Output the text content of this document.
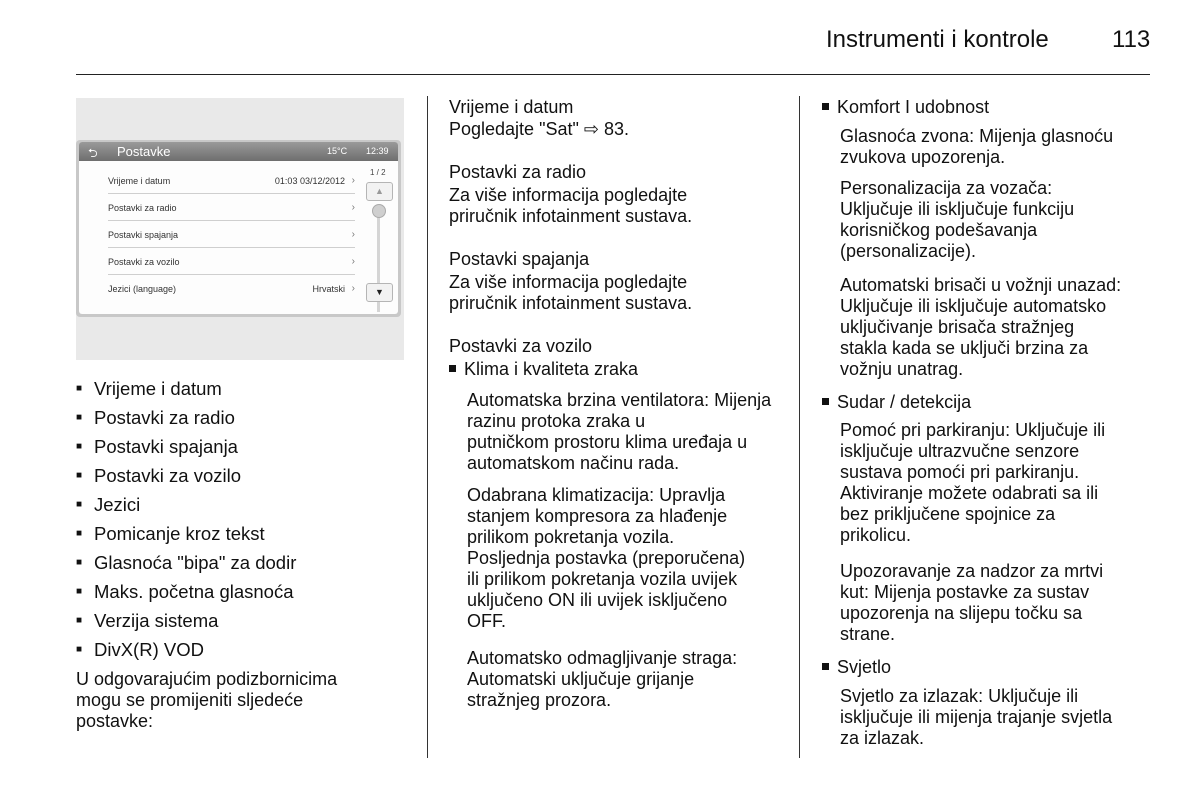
Instrumenti i kontrole	113
⮌ Postavke	15°C 12:39
Vrijeme i datum	01:03 03/12/2012 ›
Postavki za radio	›
Postavki spajanja	›
Postavki za vozilo	›
Jezici (language)	Hrvatski ›
1 / 2
▲
▼
■ Vrijeme i datum
■ Postavki za radio
■ Postavki spajanja
■ Postavki za vozilo
■ Jezici
■ Pomicanje kroz tekst
■ Glasnoća "bipa" za dodir
■ Maks. početna glasnoća
■ Verzija sistema
■ DivX(R) VOD
U odgovarajućim podizbornicima
mogu se promijeniti sljedeće
postavke:
Vrijeme i datum
Pogledajte "Sat" ⇨ 83.
Postavki za radio
Za više informacija pogledajte
priručnik infotainment sustava.
Postavki spajanja
Za više informacija pogledajte
priručnik infotainment sustava.
Postavki za vozilo
Klima i kvaliteta zraka
Automatska brzina ventilatora: Mijenja razinu protoka zraka u
putničkom prostoru klima uređaja u
automatskom načinu rada.
Odabrana klimatizacija: Upravlja
stanjem kompresora za hlađenje
prilikom pokretanja vozila.
Posljednja postavka (preporučena)
ili prilikom pokretanja vozila uvijek
uključeno ON ili uvijek isključeno
OFF.
Automatsko odmagljivanje straga:
Automatski uključuje grijanje
stražnjeg prozora.
Komfort I udobnost
Glasnoća zvona: Mijenja glasnoću
zvukova upozorenja.
Personalizacija za vozača:
Uključuje ili isključuje funkciju
korisničkog podešavanja
(personalizacije).
Automatski brisači u vožnji unazad:
Uključuje ili isključuje automatsko
uključivanje brisača stražnjeg
stakla kada se uključi brzina za
vožnju unatrag.
Sudar / detekcija
Pomoć pri parkiranju: Uključuje ili
isključuje ultrazvučne senzore
sustava pomoći pri parkiranju.
Aktiviranje možete odabrati sa ili
bez priključene spojnice za
prikolicu.
Upozoravanje za nadzor za mrtvi
kut: Mijenja postavke za sustav
upozorenja na slijepu točku sa
strane.
Svjetlo
Svjetlo za izlazak: Uključuje ili
isključuje ili mijenja trajanje svjetla
za izlazak.
